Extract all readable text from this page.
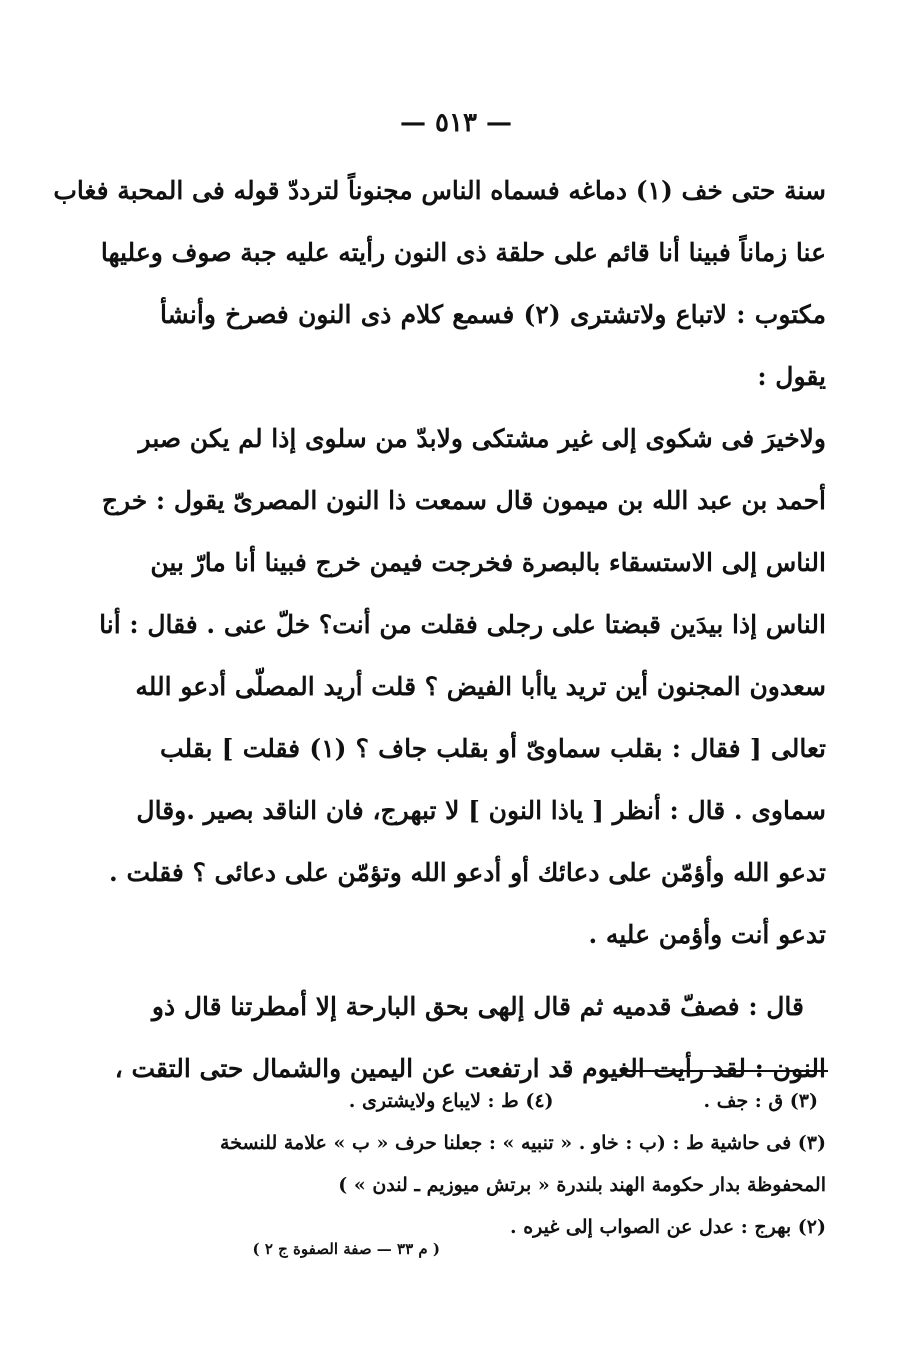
— ٥١٣ —
سنة حتى خف (١) دماغه فسماه الناس مجنوناً لترددّ قوله فى المحبة فغاب
عنا زماناً فبينا أنا قائم على حلقة ذى النون رأيته عليه جبة صوف وعليها
مكتوب : لاتباع ولاتشترى (٢) فسمع كلام ذى النون فصرخ وأنشأ
يقول :
ولاخيرَ فى شكوى إلى غير مشتكى ولابدّ من سلوى إذا لم يكن صبر
أحمد بن عبد الله بن ميمون قال سمعت ذا النون المصرىّ يقول : خرج
الناس إلى الاستسقاء بالبصرة فخرجت فيمن خرج فبينا أنا مارّ بين
الناس إذا بيدَين قبضتا على رجلى فقلت من أنت؟ خلّ عنى . فقال : أنا
سعدون المجنون أين تريد ياأبا الفيض ؟ قلت أريد المصلّى أدعو الله
تعالى [ فقال : بقلب سماوىّ أو بقلب جاف ؟ (١) فقلت ] بقلب
سماوى . قال : أنظر [ ياذا النون ] لا تبهرج، فان الناقد بصير .وقال
تدعو الله وأؤمّن على دعائك أو أدعو الله وتؤمّن على دعائى ؟ فقلت .
تدعو أنت وأؤمن عليه .
قال : فصفّ قدميه ثم قال إلهى بحق البارحة إلا أمطرتنا قال ذو
النون : لقد رأيت الغيوم قد ارتفعت عن اليمين والشمال حتى التقت ،
(٣) ق : جف .
(٤) ط : لايباع ولايشترى .
(٣) فى حاشية ط : (ب : خاو . « تنبيه » : جعلنا حرف « ب » علامة للنسخة
المحفوظة بدار حكومة الهند بلندرة « برتش ميوزيم ـ لندن » )
(٢) بهرج : عدل عن الصواب إلى غيره .
( م ٣٣ — صفة الصفوة ج ٢ )
